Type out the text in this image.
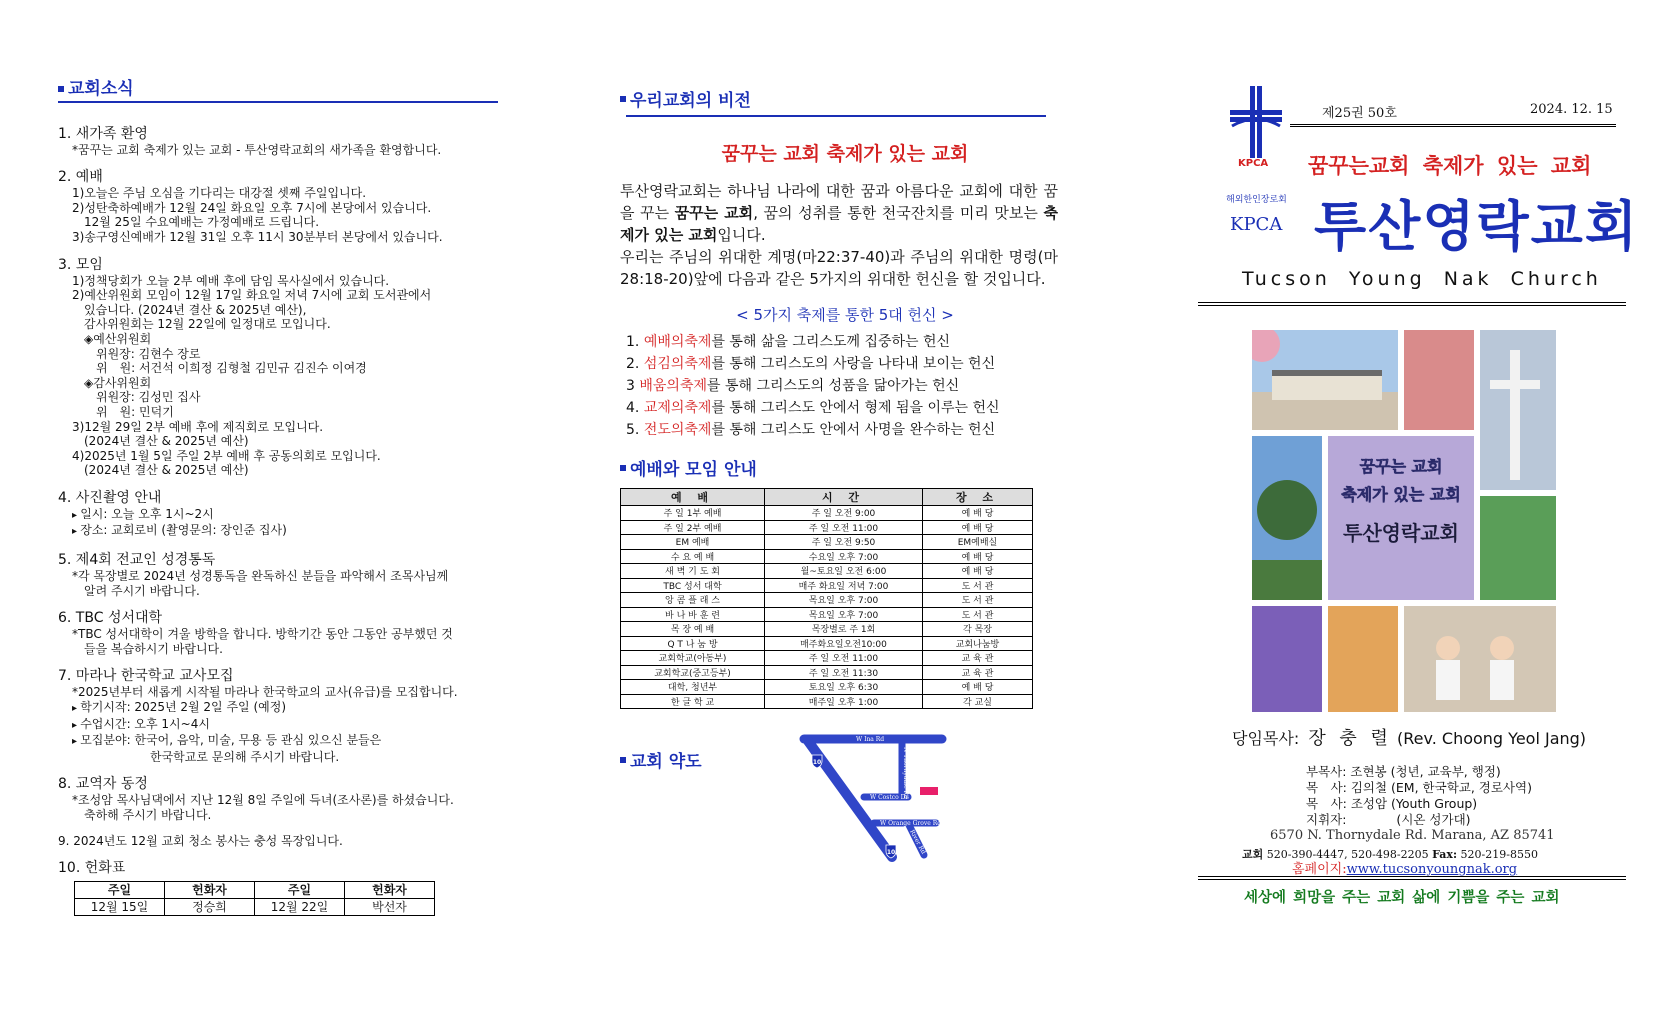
교회소식
1. 새가족 환영
*꿈꾸는 교회 축제가 있는 교회 - 투산영락교회의 새가족을 환영합니다.
2. 예배
1)오늘은 주님 오심을 기다리는 대강절 셋째 주일입니다.
2)성탄축하예배가 12월 24일 화요일 오후 7시에 본당에서 있습니다.
12월 25일 수요예배는 가정예배로 드립니다.
3)송구영신예배가 12월 31일 오후 11시 30분부터 본당에서 있습니다.
3. 모임
1)정책당회가 오늘 2부 예배 후에 담임 목사실에서 있습니다.
2)예산위원회 모임이 12월 17일 화요일 저녁 7시에 교회 도서관에서
있습니다. (2024년 결산 & 2025년 예산),
감사위원회는 12월 22일에 일정대로 모입니다.
◈예산위원회
위원장: 김현수 장로
위　원: 서건석 이희정 김형철 김민규 김진수 이여경
◈감사위원회
위원장: 김성민 집사
위　원: 민덕기
3)12월 29일 2부 예배 후에 제직회로 모입니다.
(2024년 결산 & 2025년 예산)
4)2025년 1월 5일 주일 2부 예배 후 공동의회로 모입니다.
(2024년 결산 & 2025년 예산)
4. 사진촬영 안내
▸ 일시: 오늘 오후 1시~2시
▸ 장소: 교회로비 (촬영문의: 장인준 집사)
5. 제4회 전교인 성경통독
*각 목장별로 2024년 성경통독을 완독하신 분들을 파악해서 조목사님께
알려 주시기 바랍니다.
6. TBC 성서대학
*TBC 성서대학이 겨울 방학을 합니다. 방학기간 동안 그동안 공부했던 것
들을 복습하시기 바랍니다.
7. 마라나 한국학교 교사모집
*2025년부터 새롭게 시작될 마라나 한국학교의 교사(유급)를 모집합니다.
▸ 학기시작: 2025년 2월 2일 주일 (예정)
▸ 수업시간: 오후 1시~4시
▸ 모집분야: 한국어, 음악, 미술, 무용 등 관심 있으신 분들은
한국학교로 문의해 주시기 바랍니다.
8. 교역자 동정
*조성암 목사님댁에서 지난 12월 8일 주일에 득녀(조사론)를 하셨습니다.
축하해 주시기 바랍니다.
9. 2024년도 12월 교회 청소 봉사는 충성 목장입니다.
10. 헌화표
주일	헌화자	주일	헌화자
12월 15일	정승희	12월 22일	박선자
우리교회의 비전
꿈꾸는 교회 축제가 있는 교회
투산영락교회는 하나님 나라에 대한 꿈과 아름다운 교회에 대한 꿈을 꾸는 꿈꾸는 교회, 꿈의 성취를 통한 천국잔치를 미리 맛보는 축제가 있는 교회입니다.
우리는 주님의 위대한 계명(마22:37-40)과 주님의 위대한 명령(마28:18-20)앞에 다음과 같은 5가지의 위대한 헌신을 할 것입니다.
< 5가지 축제를 통한 5대 헌신 >
1. 예배의축제를 통해 삶을 그리스도께 집중하는 헌신
2. 섬김의축제를 통해 그리스도의 사랑을 나타내 보이는 헌신
3 배움의축제를 통해 그리스도의 성품을 닮아가는 헌신
4. 교제의축제를 통해 그리스도 안에서 형제 됨을 이루는 헌신
5. 전도의축제를 통해 그리스도 안에서 사명을 완수하는 헌신
예배와 모임 안내
예 배	시 간	장 소
주 일 1부 예배	주 일 오전 9:00	예 배 당
주 일 2부 예배	주 일 오전 11:00	예 배 당
EM 예배	주 일 오전 9:50	EM예배실
수 요 예 배	수요일 오후 7:00	예 배 당
새 벽 기 도 회	월~토요일 오전 6:00	예 배 당
TBC 성서 대학	매주 화요일 저녁 7:00	도 서 관
앙 콤 플 래 스	목요일 오후 7:00	도 서 관
바 나 바 훈 련	목요일 오후 7:00	도 서 관
목 장 예 배	목장별로 주 1회	각 목장
Q T 나 눔 방	매주화요일오전10:00	교회나눔방
교회학교(아동부)	주 일 오전 11:00	교 육 관
교회학교(중고등부)	주 일 오전 11:30	교 육 관
대학, 청년부	토요일 오후 6:30	예 배 당
한 글 학 교	매주일 오후 1:00	각 교실
교회 약도
W Ina Rd
W Costco Dr
W Orange Grove Rd
N Thornydale Rd
River Rd
10
10
KPCA
해외한인장로회
KPCA
제25권 50호	2024. 12. 15
꿈꾸는교회 축제가 있는 교회
투산영락교회
Tucson Young Nak Church
꿈꾸는 교회
축제가 있는 교회
투산영락교회
당임목사: 장 충 렬 (Rev. Choong Yeol Jang)
부목사: 조현봉 (청년, 교육부, 행정)
목　사: 김의철 (EM, 한국학교, 경로사역)
목　사: 조성암 (Youth Group)
지휘자:　　　　(시온 성가대)
6570 N. Thornydale Rd. Marana, AZ 85741
교회 520-390-4447, 520-498-2205 Fax: 520-219-8550
홈페이지:www.tucsonyoungnak.org
세상에 희망을 주는 교회 삶에 기쁨을 주는 교회
